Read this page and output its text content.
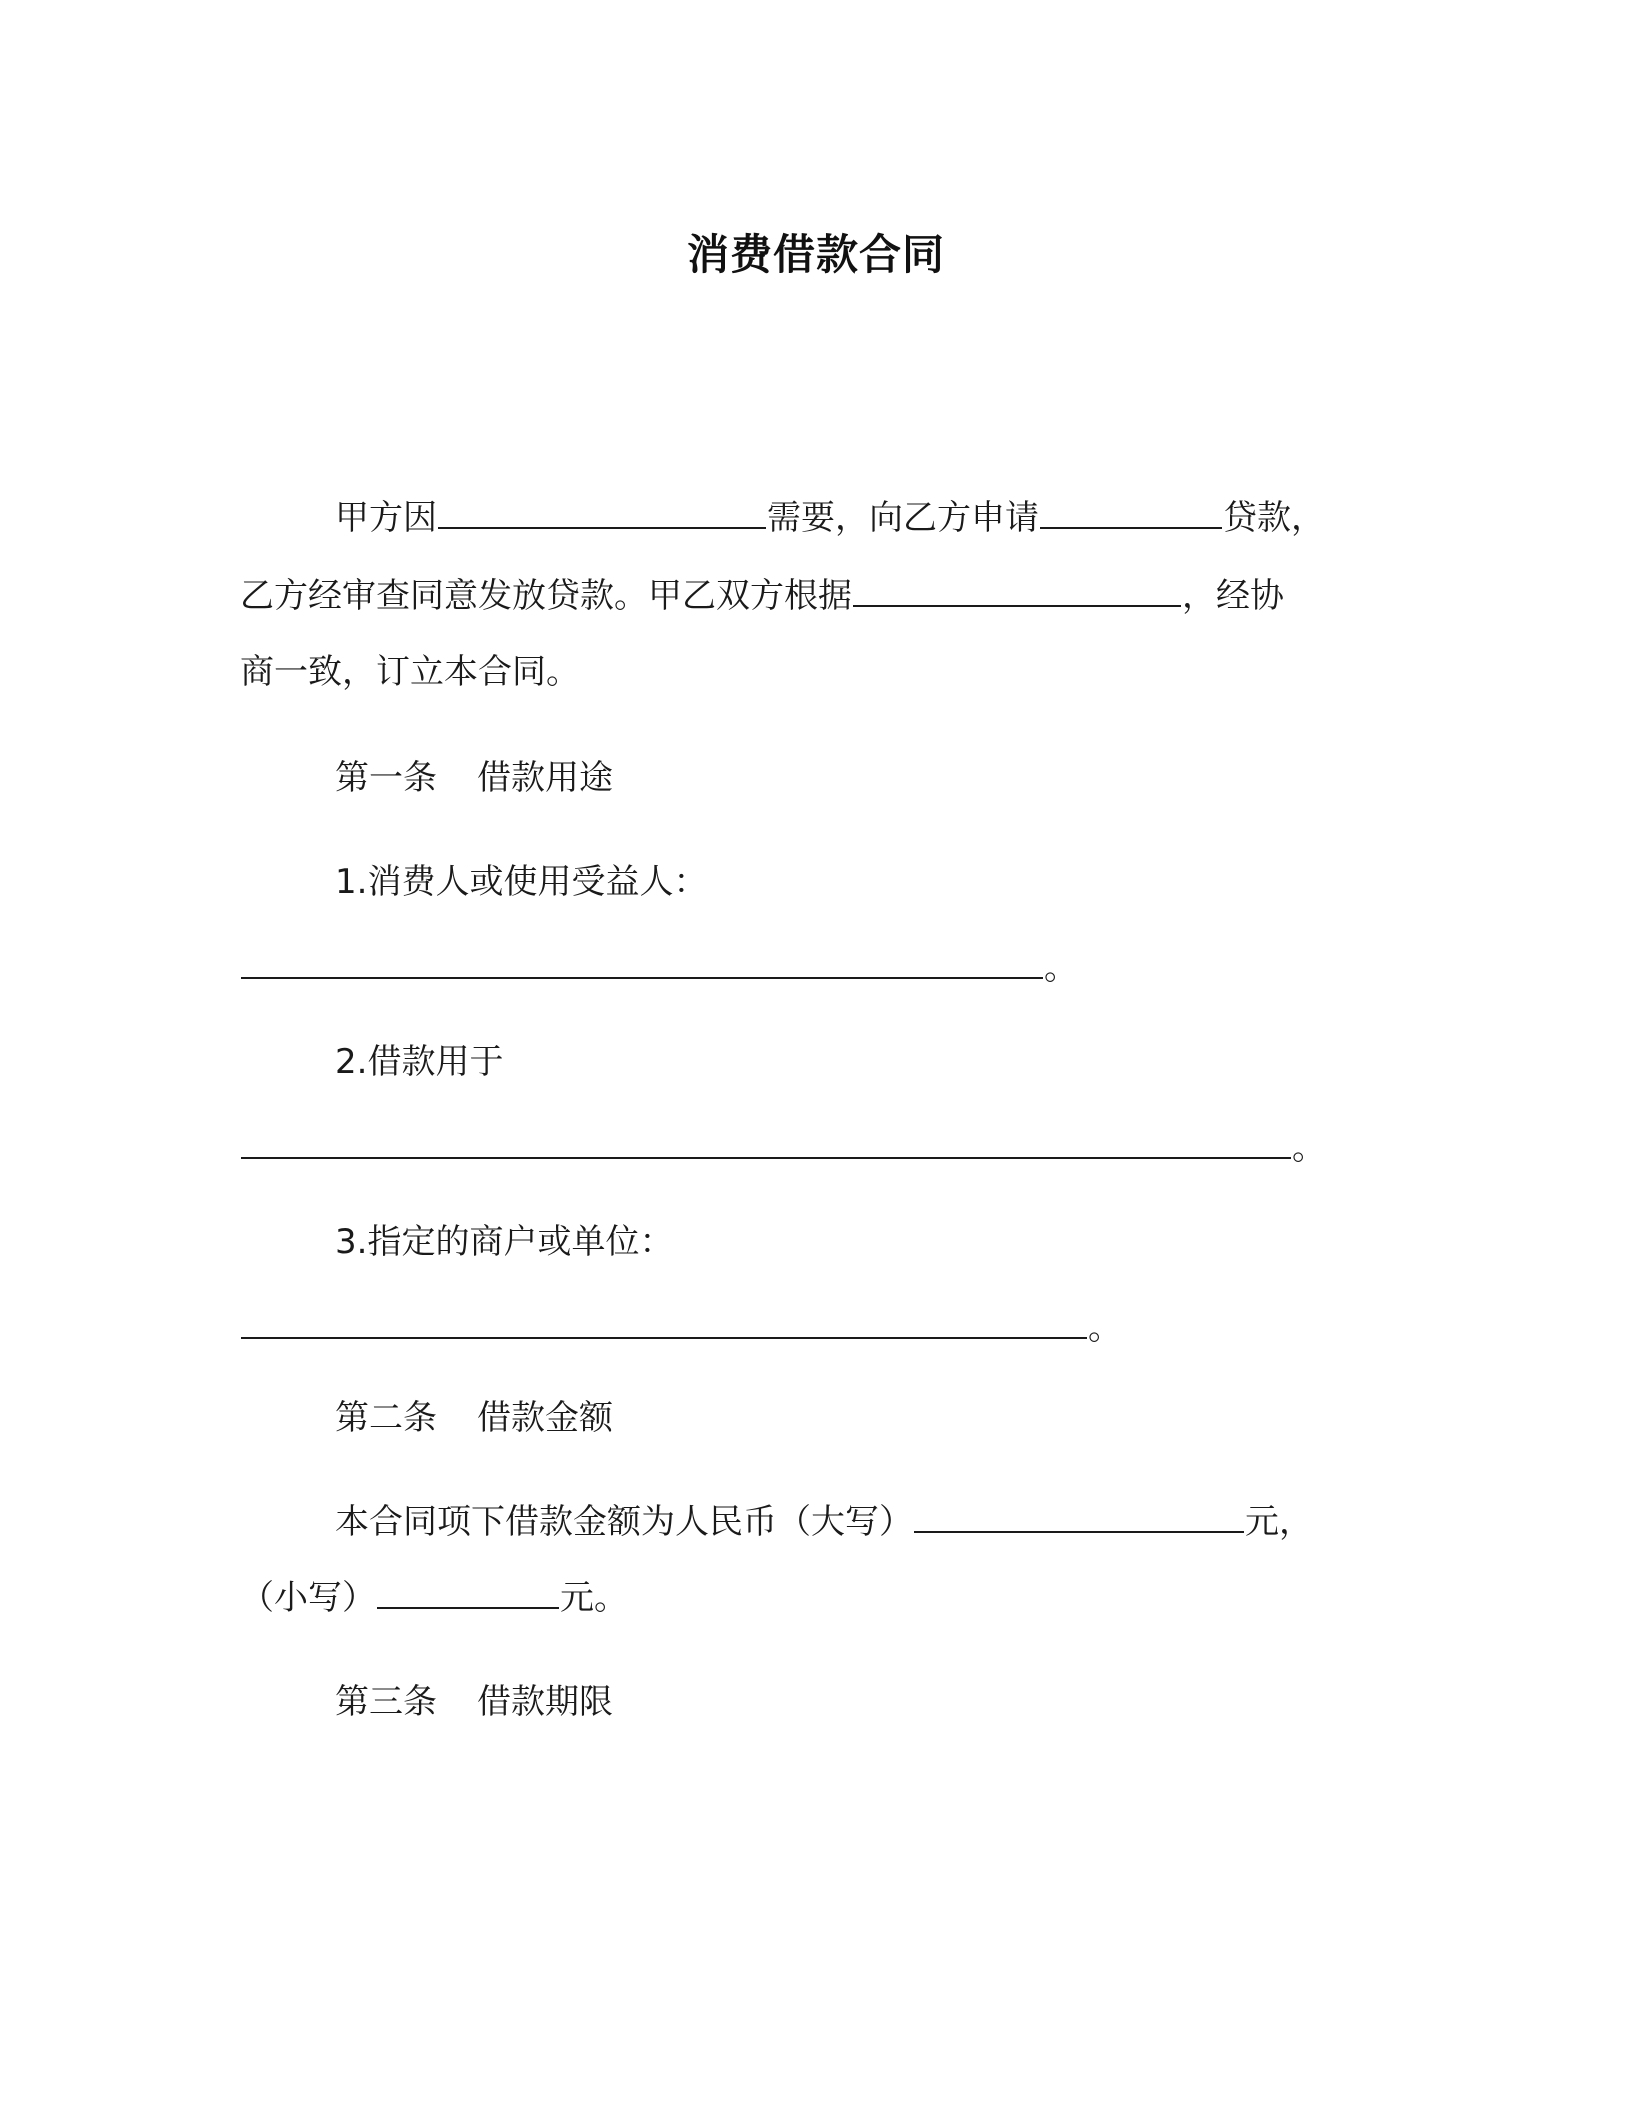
消费借款合同
甲方因	需要，向乙方申请	贷款，
乙方经审查同意发放贷款。甲乙双方根据	，经协
商一致，订立本合同。
第一条 借款用途
1.消费人或使用受益人：
。
2.借款用于
。
3.指定的商户或单位：
。
第二条 借款金额
本合同项下借款金额为人民币（大写）	元，
（小写）	元。
第三条 借款期限
